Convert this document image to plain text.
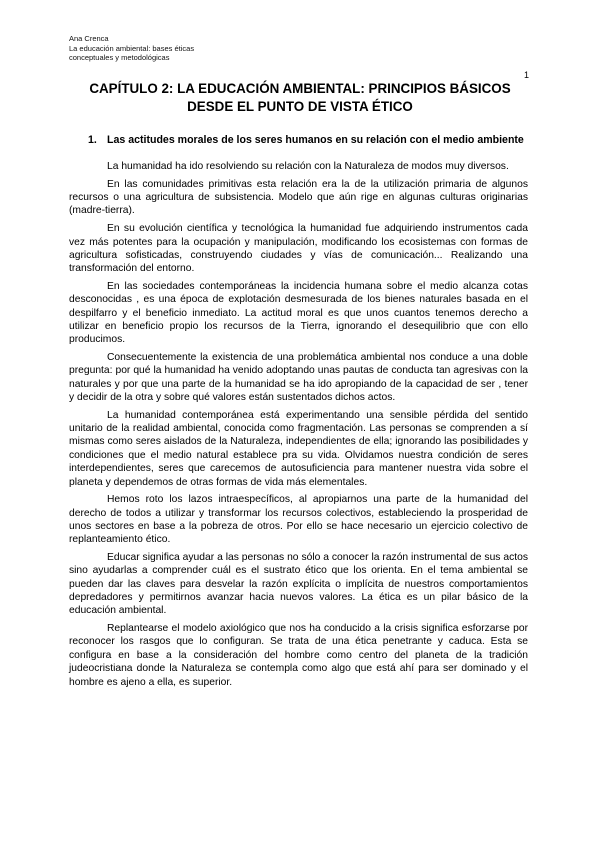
Ana Crenca
La educación ambiental: bases éticas
conceptuales y metodológicas
1
CAPÍTULO 2: LA EDUCACIÓN AMBIENTAL: PRINCIPIOS BÁSICOS
DESDE EL PUNTO DE VISTA ÉTICO
1. Las actitudes morales de los seres humanos en su relación con el medio ambiente

La humanidad ha ido resolviendo su relación con la Naturaleza de modos muy diversos.

En las comunidades primitivas esta relación era la de la utilización primaria de algunos recursos o una agricultura de subsistencia. Modelo que aún rige en algunas culturas originarias (madre-tierra).

En su evolución científica y tecnológica la humanidad fue adquiriendo instrumentos cada vez más potentes para la ocupación y manipulación, modificando los ecosistemas con formas de agricultura sofisticadas, construyendo ciudades y vías de comunicación... Realizando una transformación del entorno.

En las sociedades contemporáneas la incidencia humana sobre el medio alcanza cotas desconocidas , es una época de explotación desmesurada de los bienes naturales basada en el despilfarro y el beneficio inmediato. La actitud moral es que unos cuantos tenemos derecho a utilizar en beneficio propio los recursos de la Tierra, ignorando el desequilibrio que con ello producimos.

Consecuentemente la existencia de una problemática ambiental nos conduce a una doble pregunta: por qué la humanidad ha venido adoptando unas pautas de conducta tan agresivas con la naturales y por que una parte de la humanidad se ha ido apropiando de la capacidad de ser , tener y decidir de la otra y sobre qué valores están sustentados dichos actos.

La humanidad contemporánea está experimentando una sensible pérdida del sentido unitario de la realidad ambiental, conocida como fragmentación. Las personas se comprenden a sí mismas como seres aislados de la Naturaleza, independientes de ella; ignorando las posibilidades y condiciones que el medio natural establece pra su vida. Olvidamos nuestra condición de seres interdependientes, seres que carecemos de autosuficiencia para mantener nuestra vida sobre el planeta y dependemos de otras formas de vida más elementales.

Hemos roto los lazos intraespecíficos, al apropiarnos una parte de la humanidad del derecho de todos a utilizar y transformar los recursos colectivos, estableciendo la prosperidad de unos sectores en base a la pobreza de otros. Por ello se hace necesario un ejercicio colectivo de replanteamiento ético.

Educar significa ayudar a las personas no sólo a conocer la razón instrumental de sus actos sino ayudarlas a comprender cuál es el sustrato ético que los orienta. En el tema ambiental se pueden dar las claves para desvelar la razón explícita o implícita de nuestros comportamientos depredadores y permitirnos avanzar hacia nuevos valores. La ética es un pilar básico de la educación ambiental.

Replantearse el modelo axiológico que nos ha conducido a la crisis significa esforzarse por reconocer los rasgos que lo configuran. Se trata de una ética penetrante y caduca. Esta se configura en base a la consideración del hombre como centro del planeta de la tradición judeocristiana donde la Naturaleza se contempla como algo que está ahí para ser dominado y el hombre es ajeno a ella, es superior.
